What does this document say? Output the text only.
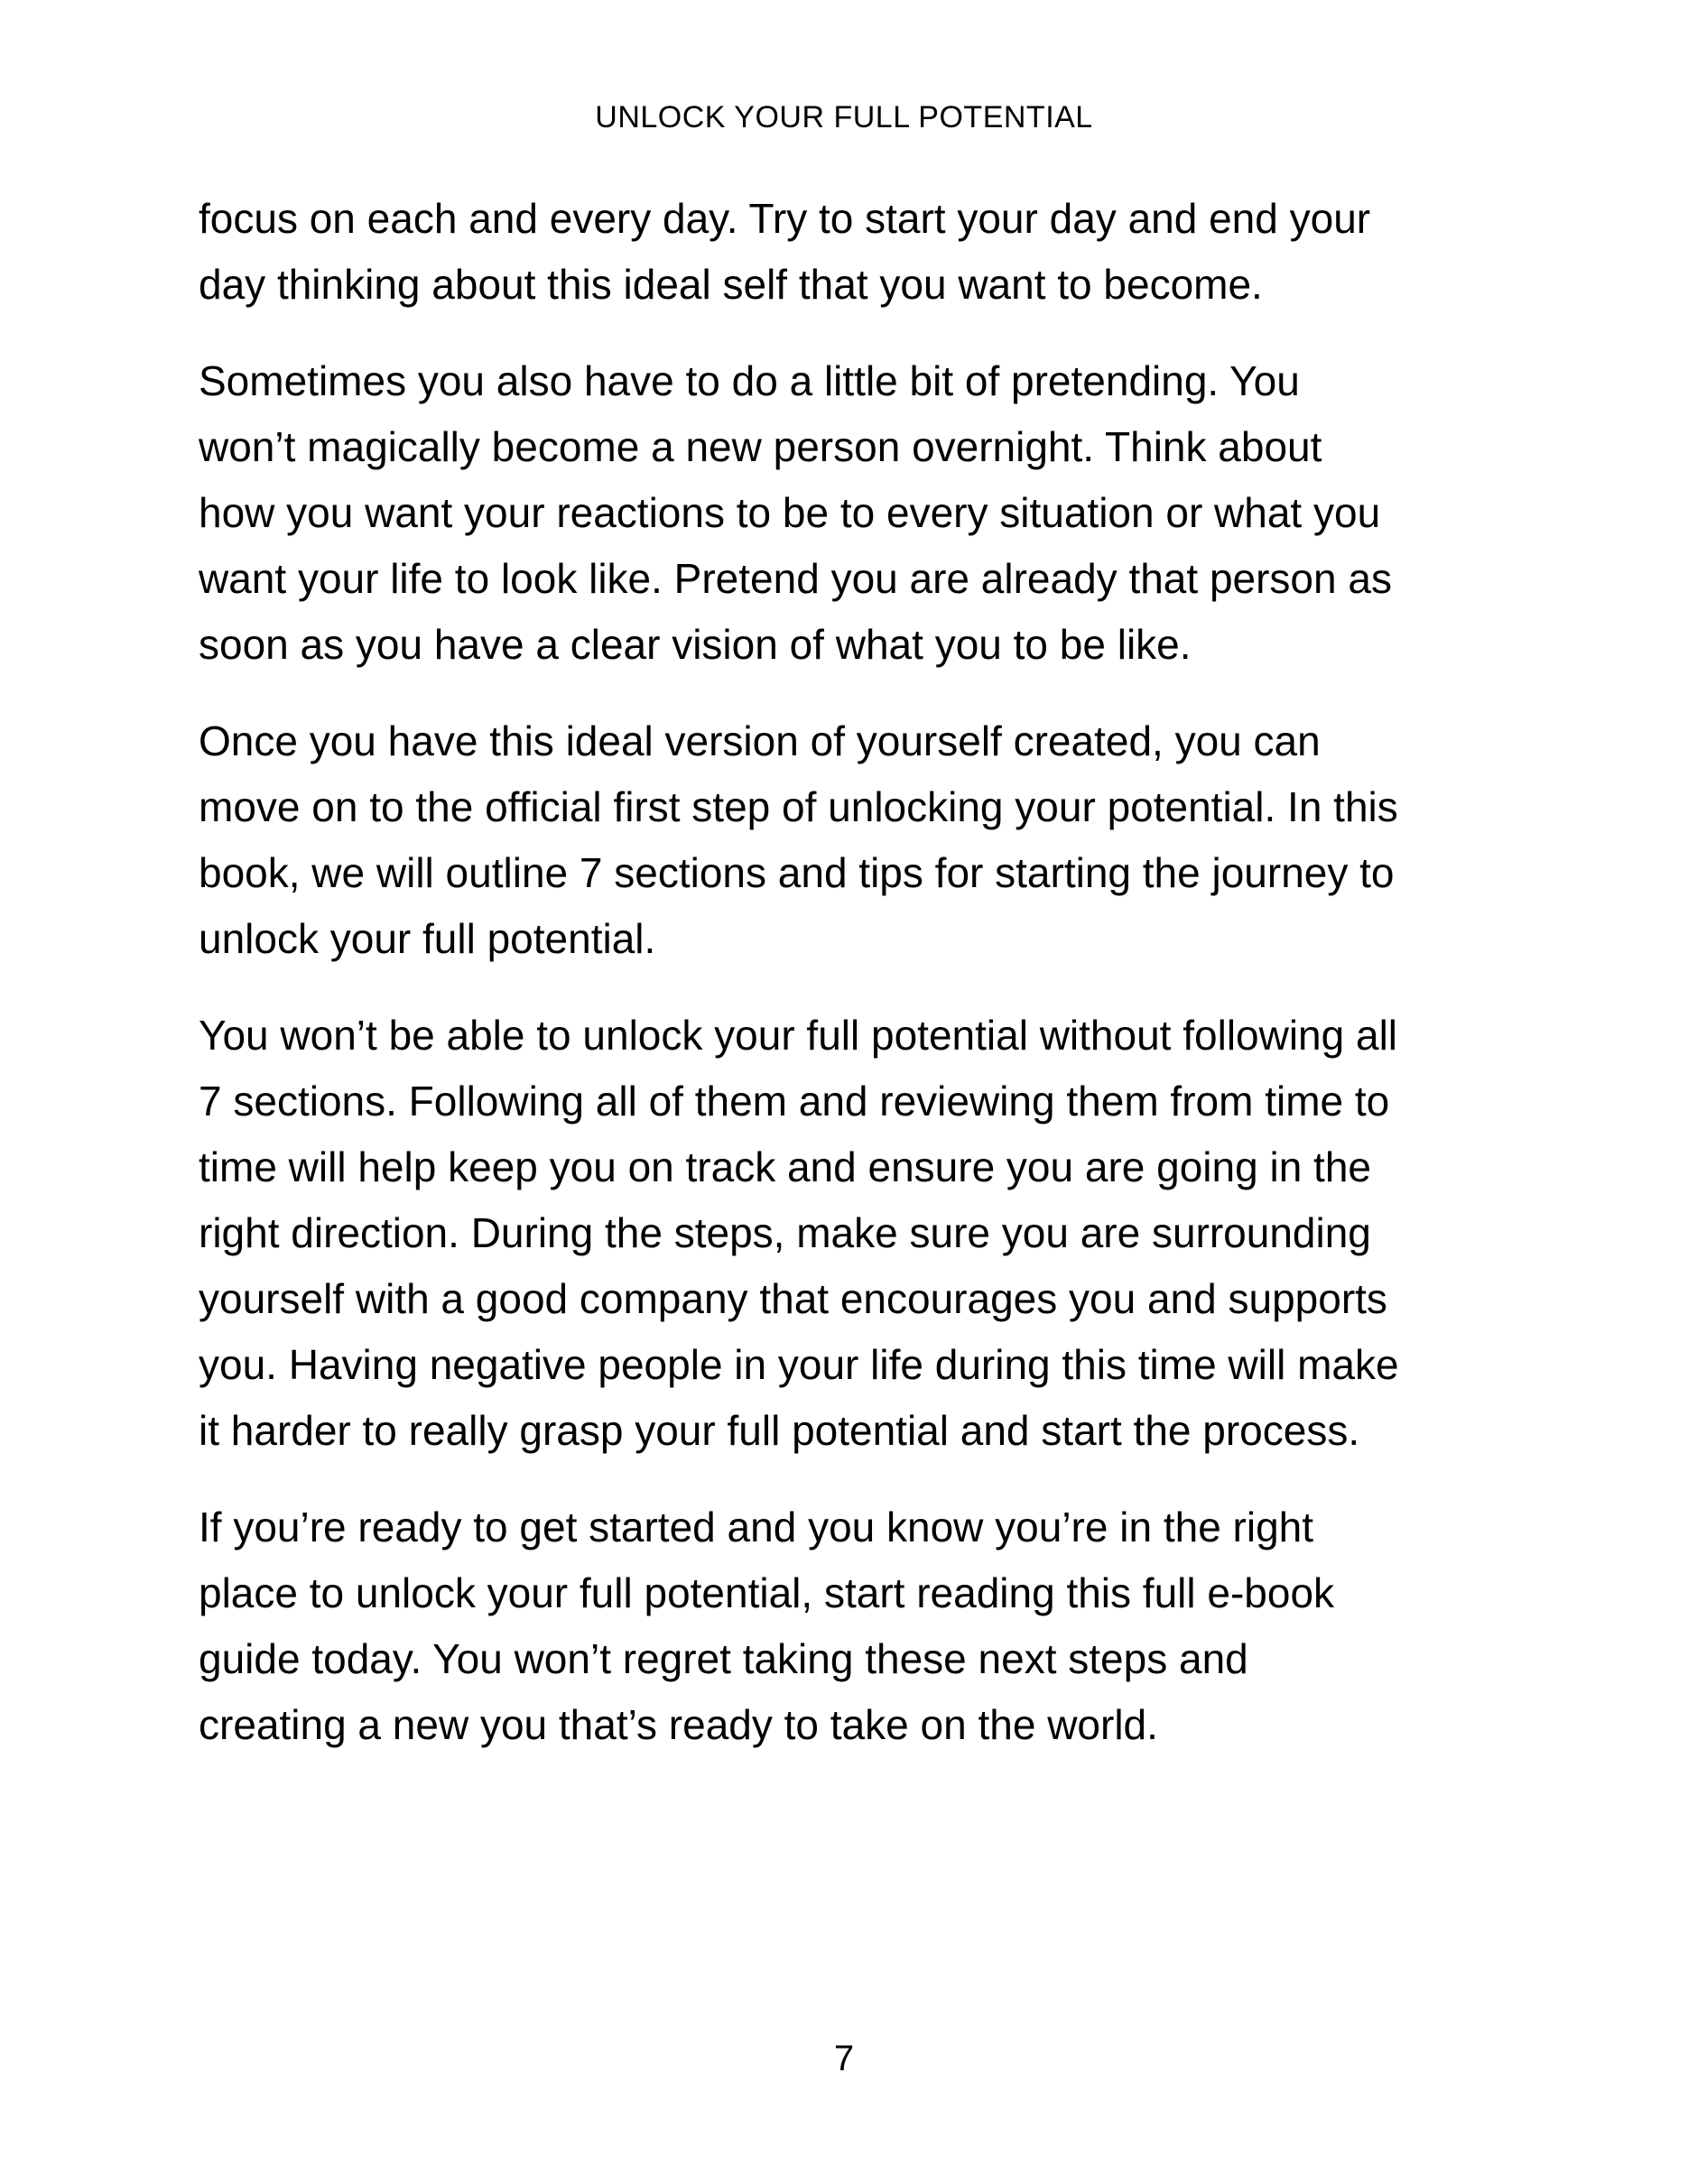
UNLOCK YOUR FULL POTENTIAL

focus on each and every day. Try to start your day and end your
day thinking about this ideal self that you want to become.

Sometimes you also have to do a little bit of pretending. You
won’t magically become a new person overnight. Think about
how you want your reactions to be to every situation or what you
want your life to look like. Pretend you are already that person as
soon as you have a clear vision of what you to be like.

Once you have this ideal version of yourself created, you can
move on to the official first step of unlocking your potential. In this
book, we will outline 7 sections and tips for starting the journey to
unlock your full potential.

You won’t be able to unlock your full potential without following all
7 sections. Following all of them and reviewing them from time to
time will help keep you on track and ensure you are going in the
right direction. During the steps, make sure you are surrounding
yourself with a good company that encourages you and supports
you. Having negative people in your life during this time will make
it harder to really grasp your full potential and start the process.

If you’re ready to get started and you know you’re in the right
place to unlock your full potential, start reading this full e-book
guide today. You won’t regret taking these next steps and
creating a new you that’s ready to take on the world.

7
